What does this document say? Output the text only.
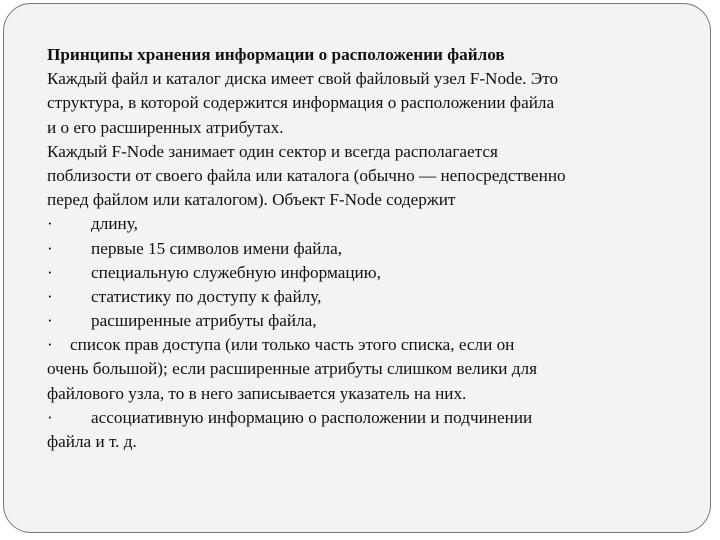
Принципы хранения информации о расположении файлов
Каждый файл и каталог диска имеет свой файловый узел F-Node. Это
структура, в которой содержится информация о расположении файла
и о его расширенных атрибутах.
Каждый F-Node занимает один сектор и всегда располагается
поблизости от своего файла или каталога (обычно — непосредственно
перед файлом или каталогом). Объект F-Node содержит
· длину,
· первые 15 символов имени файла,
· специальную служебную информацию,
· статистику по доступу к файлу,
· расширенные атрибуты файла,
· список прав доступа (или только часть этого списка, если он
очень большой); если расширенные атрибуты слишком велики для
файлового узла, то в него записывается указатель на них.
· ассоциативную информацию о расположении и подчинении
файла и т. д.
